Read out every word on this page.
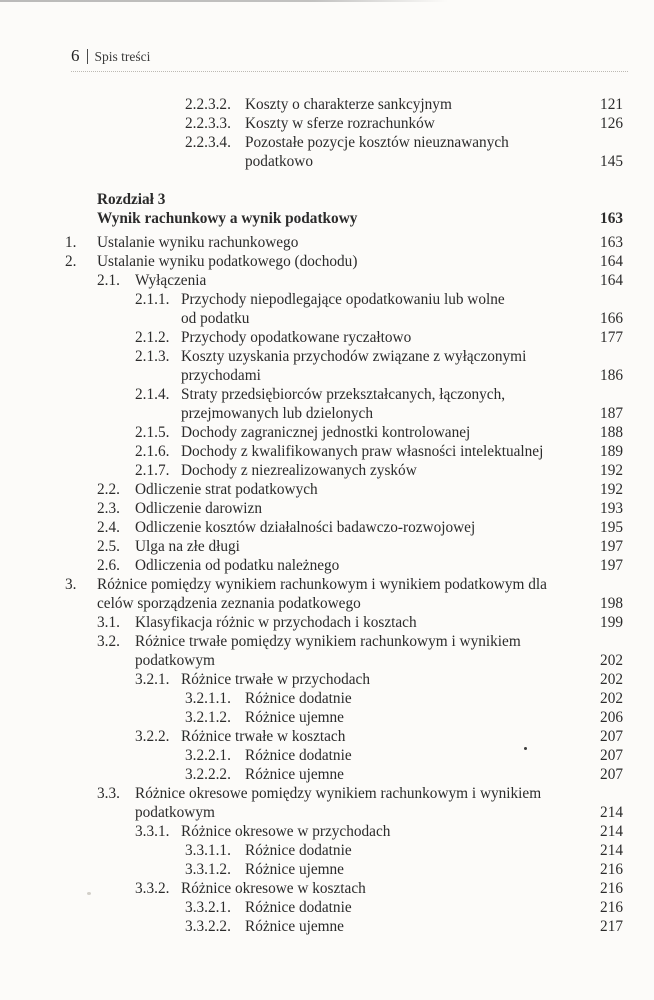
6 Spis treści
2.2.3.2. Koszty o charakterze sankcyjnym	121
2.2.3.3. Koszty w sferze rozrachunków	126
2.2.3.4. Pozostałe pozycje kosztów nieuznawanych
podatkowo	145
Rozdział 3
Wynik rachunkowy a wynik podatkowy	163
1.	Ustalanie wyniku rachunkowego	163
2.	Ustalanie wyniku podatkowego (dochodu)	164
2.1. Wyłączenia	164
2.1.1. Przychody niepodlegające opodatkowaniu lub wolne
od podatku	166
2.1.2. Przychody opodatkowane ryczałtowo	177
2.1.3. Koszty uzyskania przychodów związane z wyłączonymi
przychodami	186
2.1.4. Straty przedsiębiorców przekształcanych, łączonych,
przejmowanych lub dzielonych	187
2.1.5. Dochody zagranicznej jednostki kontrolowanej	188
2.1.6. Dochody z kwalifikowanych praw własności intelektualnej	189
2.1.7. Dochody z niezrealizowanych zysków	192
2.2. Odliczenie strat podatkowych	192
2.3. Odliczenie darowizn	193
2.4. Odliczenie kosztów działalności badawczo-rozwojowej	195
2.5. Ulga na złe długi	197
2.6. Odliczenia od podatku należnego	197
3.	Różnice pomiędzy wynikiem rachunkowym i wynikiem podatkowym dla
celów sporządzenia zeznania podatkowego	198
3.1. Klasyfikacja różnic w przychodach i kosztach	199
3.2. Różnice trwałe pomiędzy wynikiem rachunkowym i wynikiem
podatkowym	202
3.2.1. Różnice trwałe w przychodach	202
3.2.1.1. Różnice dodatnie	202
3.2.1.2. Różnice ujemne	206
3.2.2. Różnice trwałe w kosztach	207
3.2.2.1. Różnice dodatnie	207
3.2.2.2. Różnice ujemne	207
3.3. Różnice okresowe pomiędzy wynikiem rachunkowym i wynikiem
podatkowym	214
3.3.1. Różnice okresowe w przychodach	214
3.3.1.1. Różnice dodatnie	214
3.3.1.2. Różnice ujemne	216
3.3.2. Różnice okresowe w kosztach	216
3.3.2.1. Różnice dodatnie	216
3.3.2.2. Różnice ujemne	217
